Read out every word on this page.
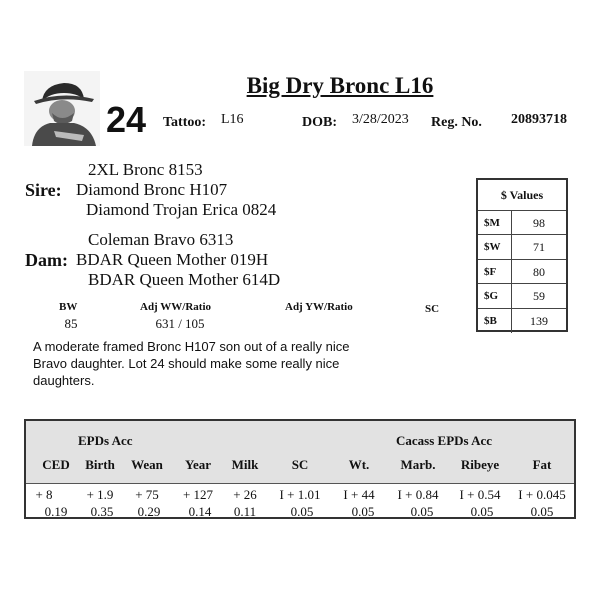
24
Big Dry Bronc L16
Tattoo: L16	DOB: 3/28/2023 Reg. No. 20893718
2XL Bronc 8153
Sire: Diamond Bronc H107
Diamond Trojan Erica 0824
Coleman Bravo 6313
Dam: BDAR Queen Mother 019H
BDAR Queen Mother 614D
$ Values
$M	98
$W	71
$F	80
$G	59
$B	139
BW
85
Adj WW/Ratio
631 / 105
Adj YW/Ratio	SC
A moderate framed Bronc H107 son out of a really nice Bravo daughter. Lot 24 should make some really nice daughters.
EPDs Acc	Cacass EPDs Acc
CED	Birth	Wean	Year	Milk	SC	Wt.	Marb.	Ribeye	Fat
+ 8	+ 1.9	+ 75	+ 127	+ 26	I + 1.01	I + 44	I + 0.84	I + 0.54	I + 0.045
0.19	0.35	0.29	0.14	0.11	0.05	0.05	0.05	0.05	0.05
